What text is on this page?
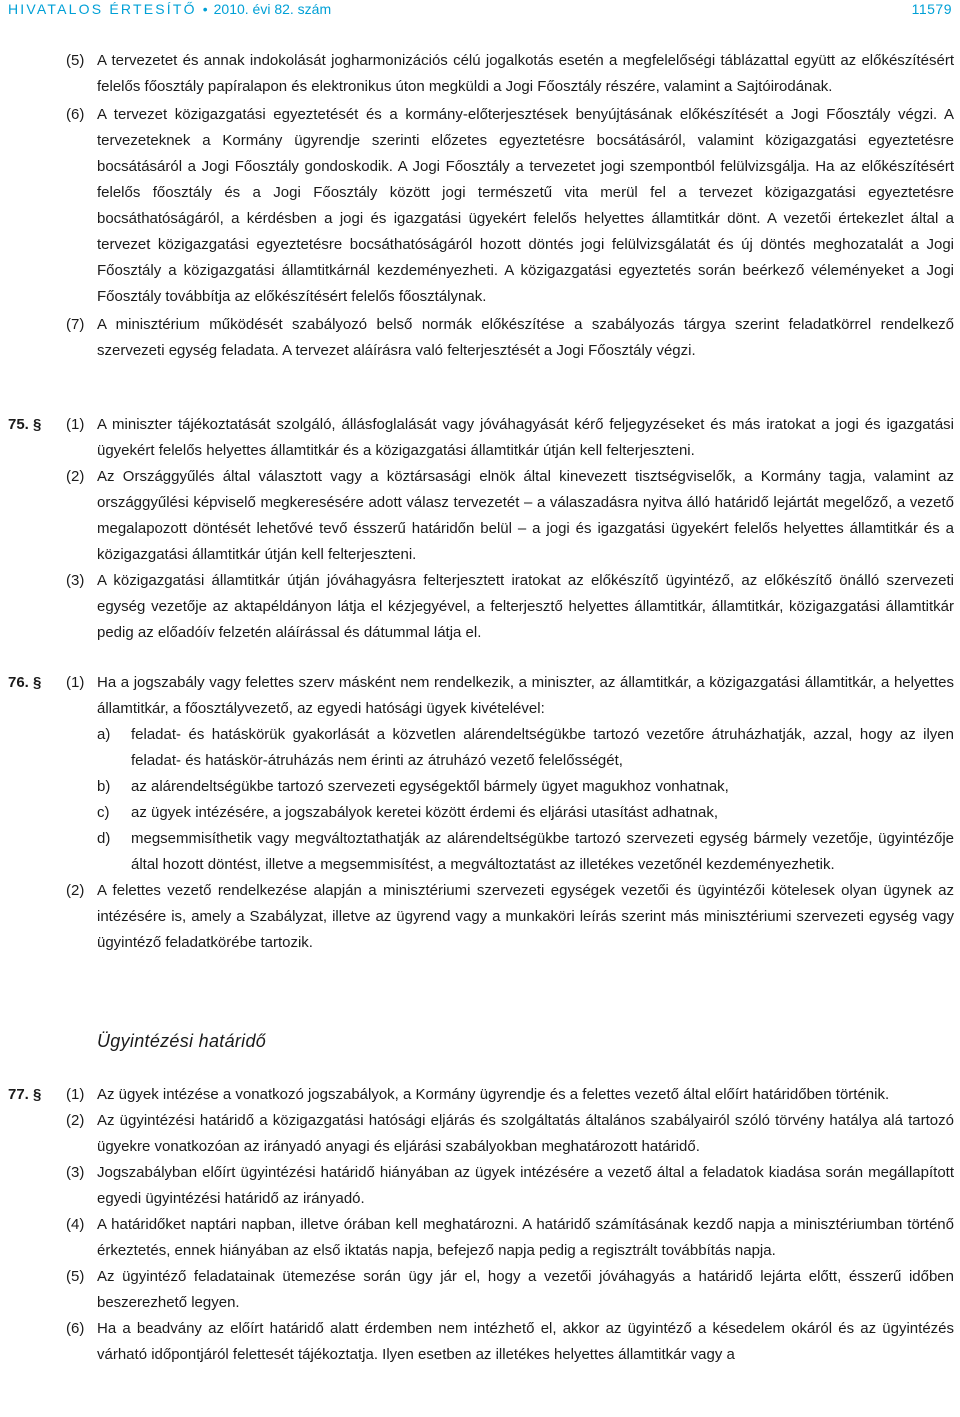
HIVATALOS ÉRTESÍTŐ • 2010. évi 82. szám	11579
(5) A tervezetet és annak indokolását jogharmonizációs célú jogalkotás esetén a megfelelőségi táblázattal együtt az előkészítésért felelős főosztály papíralapon és elektronikus úton megküldi a Jogi Főosztály részére, valamint a Sajtóirodának.
(6) A tervezet közigazgatási egyeztetését és a kormány-előterjesztések benyújtásának előkészítését a Jogi Főosztály végzi. A tervezeteknek a Kormány ügyrendje szerinti előzetes egyeztetésre bocsátásáról, valamint közigazgatási egyeztetésre bocsátásáról a Jogi Főosztály gondoskodik. A Jogi Főosztály a tervezetet jogi szempontból felülvizsgálja. Ha az előkészítésért felelős főosztály és a Jogi Főosztály között jogi természetű vita merül fel a tervezet közigazgatási egyeztetésre bocsáthatóságáról, a kérdésben a jogi és igazgatási ügyekért felelős helyettes államtitkár dönt. A vezetői értekezlet által a tervezet közigazgatási egyeztetésre bocsáthatóságáról hozott döntés jogi felülvizsgálatát és új döntés meghozatalát a Jogi Főosztály a közigazgatási államtitkárnál kezdeményezheti. A közigazgatási egyeztetés során beérkező véleményeket a Jogi Főosztály továbbítja az előkészítésért felelős főosztálynak.
(7) A minisztérium működését szabályozó belső normák előkészítése a szabályozás tárgya szerint feladatkörrel rendelkező szervezeti egység feladata. A tervezet aláírásra való felterjesztését a Jogi Főosztály végzi.
75. § (1) A miniszter tájékoztatását szolgáló, állásfoglalását vagy jóváhagyását kérő feljegyzéseket és más iratokat a jogi és igazgatási ügyekért felelős helyettes államtitkár és a közigazgatási államtitkár útján kell felterjeszteni.
(2) Az Országgyűlés által választott vagy a köztársasági elnök által kinevezett tisztségviselők, a Kormány tagja, valamint az országgyűlési képviselő megkeresésére adott válasz tervezetét – a válaszadásra nyitva álló határidő lejártát megelőző, a vezető megalapozott döntését lehetővé tevő ésszerű határidőn belül – a jogi és igazgatási ügyekért felelős helyettes államtitkár és a közigazgatási államtitkár útján kell felterjeszteni.
(3) A közigazgatási államtitkár útján jóváhagyásra felterjesztett iratokat az előkészítő ügyintéző, az előkészítő önálló szervezeti egység vezetője az aktapéldányon látja el kézjegyével, a felterjesztő helyettes államtitkár, államtitkár, közigazgatási államtitkár pedig az előadóív felzetén aláírással és dátummal látja el.
76. § (1) Ha a jogszabály vagy felettes szerv másként nem rendelkezik, a miniszter, az államtitkár, a közigazgatási államtitkár, a helyettes államtitkár, a főosztályvezető, az egyedi hatósági ügyek kivételével:
a) feladat- és hatáskörük gyakorlását a közvetlen alárendeltségükbe tartozó vezetőre átruházhatják, azzal, hogy az ilyen feladat- és hatáskör-átruházás nem érinti az átruházó vezető felelősségét,
b) az alárendeltségükbe tartozó szervezeti egységektől bármely ügyet magukhoz vonhatnak,
c) az ügyek intézésére, a jogszabályok keretei között érdemi és eljárási utasítást adhatnak,
d) megsemmisíthetik vagy megváltoztathatják az alárendeltségükbe tartozó szervezeti egység bármely vezetője, ügyintézője által hozott döntést, illetve a megsemmisítést, a megváltoztatást az illetékes vezetőnél kezdeményezhetik.
(2) A felettes vezető rendelkezése alapján a minisztériumi szervezeti egységek vezetői és ügyintézői kötelesek olyan ügynek az intézésére is, amely a Szabályzat, illetve az ügyrend vagy a munkaköri leírás szerint más minisztériumi szervezeti egység vagy ügyintéző feladatkörébe tartozik.
Ügyintézési határidő
77. § (1) Az ügyek intézése a vonatkozó jogszabályok, a Kormány ügyrendje és a felettes vezető által előírt határidőben történik.
(2) Az ügyintézési határidő a közigazgatási hatósági eljárás és szolgáltatás általános szabályairól szóló törvény hatálya alá tartozó ügyekre vonatkozóan az irányadó anyagi és eljárási szabályokban meghatározott határidő.
(3) Jogszabályban előírt ügyintézési határidő hiányában az ügyek intézésére a vezető által a feladatok kiadása során megállapított egyedi ügyintézési határidő az irányadó.
(4) A határidőket naptári napban, illetve órában kell meghatározni. A határidő számításának kezdő napja a minisztériumban történő érkeztetés, ennek hiányában az első iktatás napja, befejező napja pedig a regisztrált továbbítás napja.
(5) Az ügyintéző feladatainak ütemezése során ügy jár el, hogy a vezetői jóváhagyás a határidő lejárta előtt, ésszerű időben beszerezhető legyen.
(6) Ha a beadvány az előírt határidő alatt érdemben nem intézhető el, akkor az ügyintéző a késedelem okáról és az ügyintézés várható időpontjáról felettesét tájékoztatja. Ilyen esetben az illetékes helyettes államtitkár vagy a
